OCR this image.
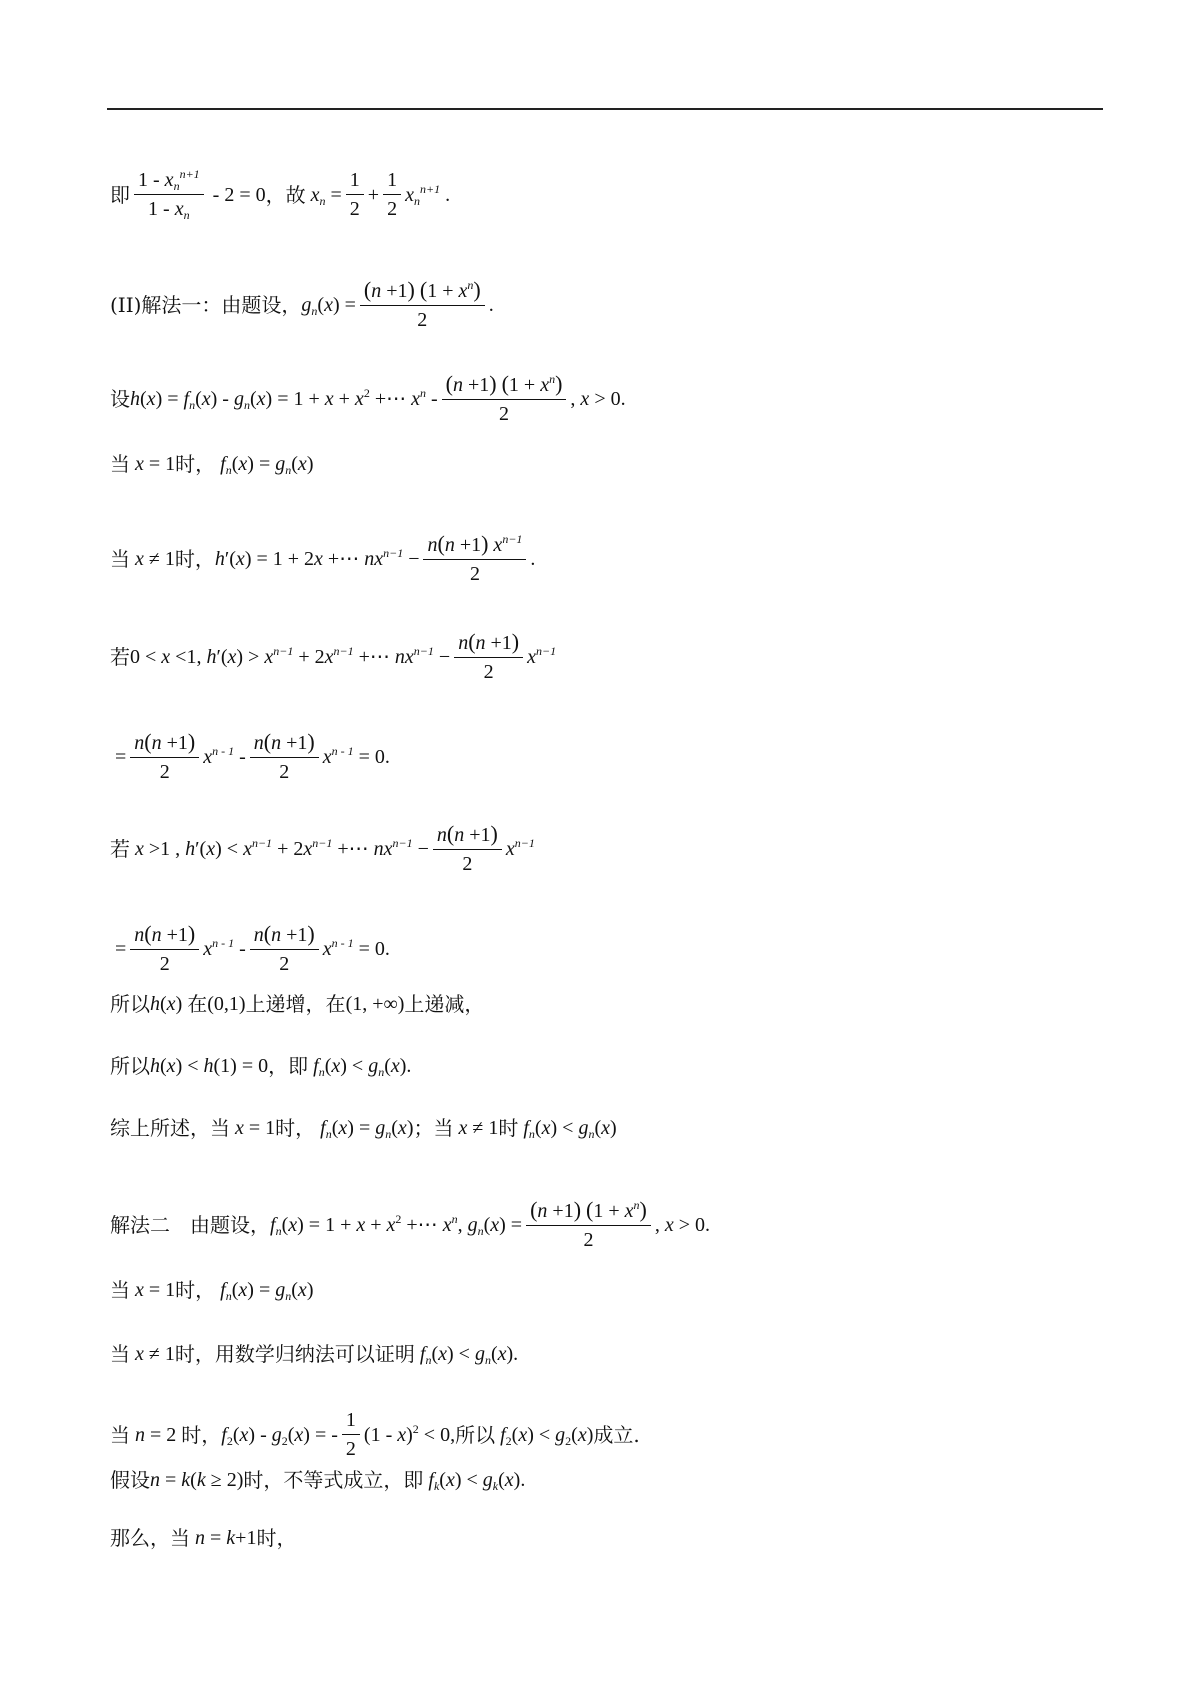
即 $\frac{1 - x_n^{n+1}}{1 - x_n} - 2 = 0$ ，故 $x_n = \frac{1}{2} + \frac{1}{2} x_n^{n+1}$ .
(II)解法一：由题设， $g_n(x) = \frac{(n +1) (1 + x^n)}{2}$ .
设 $h(x) = f_n(x) - g_n(x) = 1 + x + x^2$ +⋯ $x^n - \frac{(n +1) (1 + x^n)}{2}$ , x > 0.
当 x = 1 时， $f_n(x) = g_n(x)$
当 x ≠ 1 时， h′(x) = 1 + 2x +⋯ $nx^{n-1} - \frac{n(n +1) x^{n-1}}{2}$ .
若 0 < x <1, $h'(x) > x^{n-1} + 2x^{n-1}$ +⋯ $nx^{n-1} - \frac{n(n +1)}{2} x^{n-1}$
= $\frac{n(n +1)}{2} x^{n - 1} - \frac{n(n +1)}{2} x^{n - 1} = 0$.
若 x >1 , $h'(x) < x^{n-1} + 2x^{n-1}$ +⋯ $nx^{n-1} - \frac{n(n +1)}{2} x^{n-1}$
= $\frac{n(n +1)}{2} x^{n - 1} - \frac{n(n +1)}{2} x^{n - 1} = 0$.
所以 h(x) 在 (0,1) 上递增，在 (1, +∞) 上递减，
所以 h(x) < h(1) = 0 ，即 $f_n(x) < g_n(x)$.
综上所述，当 x = 1 时， $f_n(x) = g_n(x)$ ；当 x ≠ 1 时 $f_n(x) < g_n(x)$
解法二　由题设， $f_n(x) = 1 + x + x^2$ +⋯ $x^n$, $g_n(x) = \frac{(n +1) (1 + x^n)}{2}$ , x > 0.
当 x = 1 时， $f_n(x) = g_n(x)$
当 x ≠ 1 时，用数学归纳法可以证明 $f_n(x) < g_n(x)$.
当 n = 2 时， $f_2(x) - g_2(x)$ = - $\frac{1}{2} (1 - x)^2 < 0$, 所以 $f_2(x) < g_2(x)$ 成立.
假设 n = k(k ≥ 2) 时，不等式成立，即 $f_k(x) < g_k(x)$.
那么，当 n = k+1 时，
